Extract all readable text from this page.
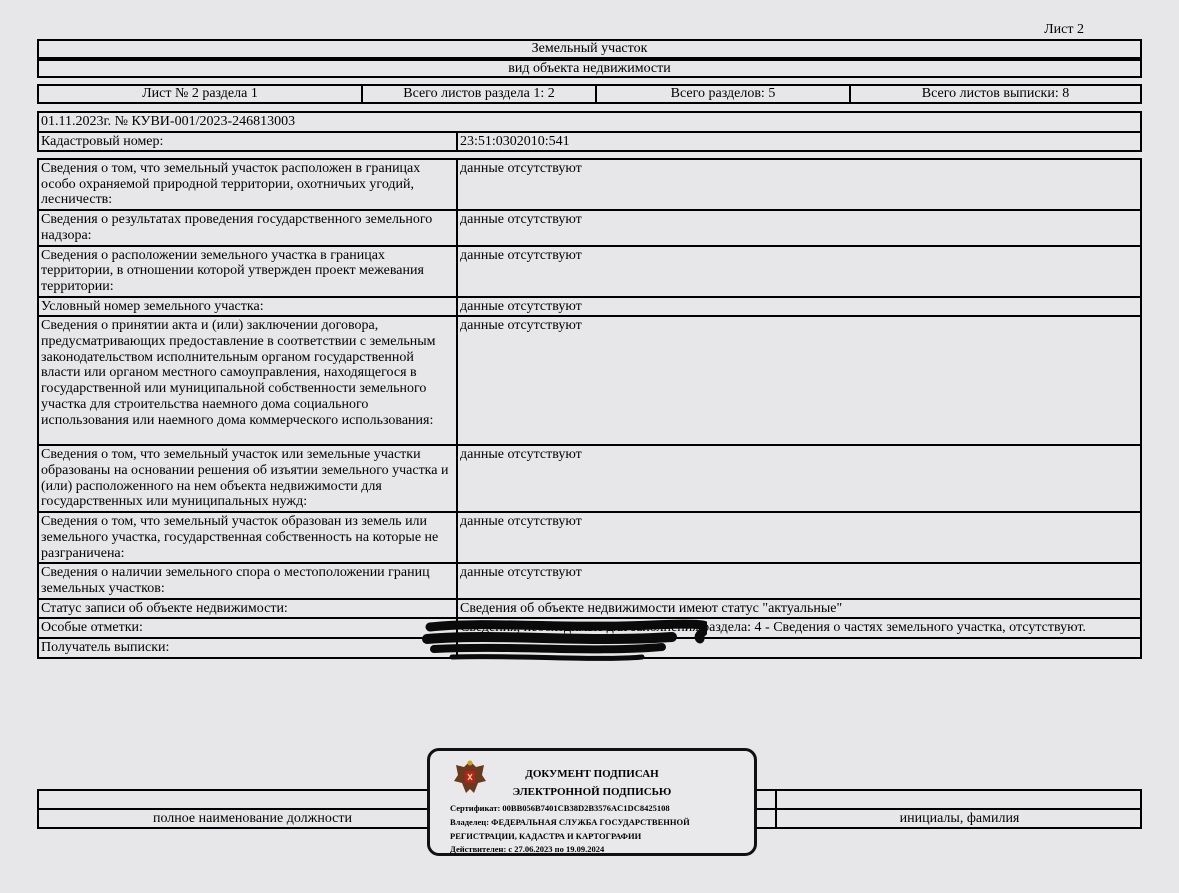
Лист 2
Земельный участок
вид объекта недвижимости
Лист № 2 раздела 1	Всего листов раздела 1: 2	Всего разделов: 5	Всего листов выписки: 8
01.11.2023г. № КУВИ-001/2023-246813003
Кадастровый номер:	23:51:0302010:541
Сведения о том, что земельный участок расположен в границах особо охраняемой природной территории, охотничьих угодий, лесничеств:	данные отсутствуют
Сведения о результатах проведения государственного земельного надзора:	данные отсутствуют
Сведения о расположении земельного участка в границах территории, в отношении которой утвержден проект межевания территории:	данные отсутствуют
Условный номер земельного участка:	данные отсутствуют
Сведения о принятии акта и (или) заключении договора, предусматривающих предоставление в соответствии с земельным законодательством исполнительным органом государственной власти или органом местного самоуправления, находящегося в государственной или муниципальной собственности земельного участка для строительства наемного дома социального использования или наемного дома коммерческого использования:	данные отсутствуют
Сведения о том, что земельный участок или земельные участки образованы на основании решения об изъятии земельного участка и (или) расположенного на нем объекта недвижимости для государственных или муниципальных нужд:	данные отсутствуют
Сведения о том, что земельный участок образован из земель или земельного участка, государственная собственность на которые не разграничена:	данные отсутствуют
Сведения о наличии земельного спора о местоположении границ земельных участков:	данные отсутствуют
Статус записи об объекте недвижимости:	Сведения об объекте недвижимости имеют статус "актуальные"
Особые отметки:	Сведения, необходимые для заполнения раздела: 4 - Сведения о частях земельного участка, отсутствуют.
Получатель выписки:	
полное наименование должности	инициалы, фамилия
ДОКУМЕНТ ПОДПИСАН
ЭЛЕКТРОННОЙ ПОДПИСЬЮ
Сертификат: 00BB056B7401CB38D2B3576AC1DC8425108
Владелец: ФЕДЕРАЛЬНАЯ СЛУЖБА ГОСУДАРСТВЕННОЙ
РЕГИСТРАЦИИ, КАДАСТРА И КАРТОГРАФИИ
Действителен: с 27.06.2023 по 19.09.2024
